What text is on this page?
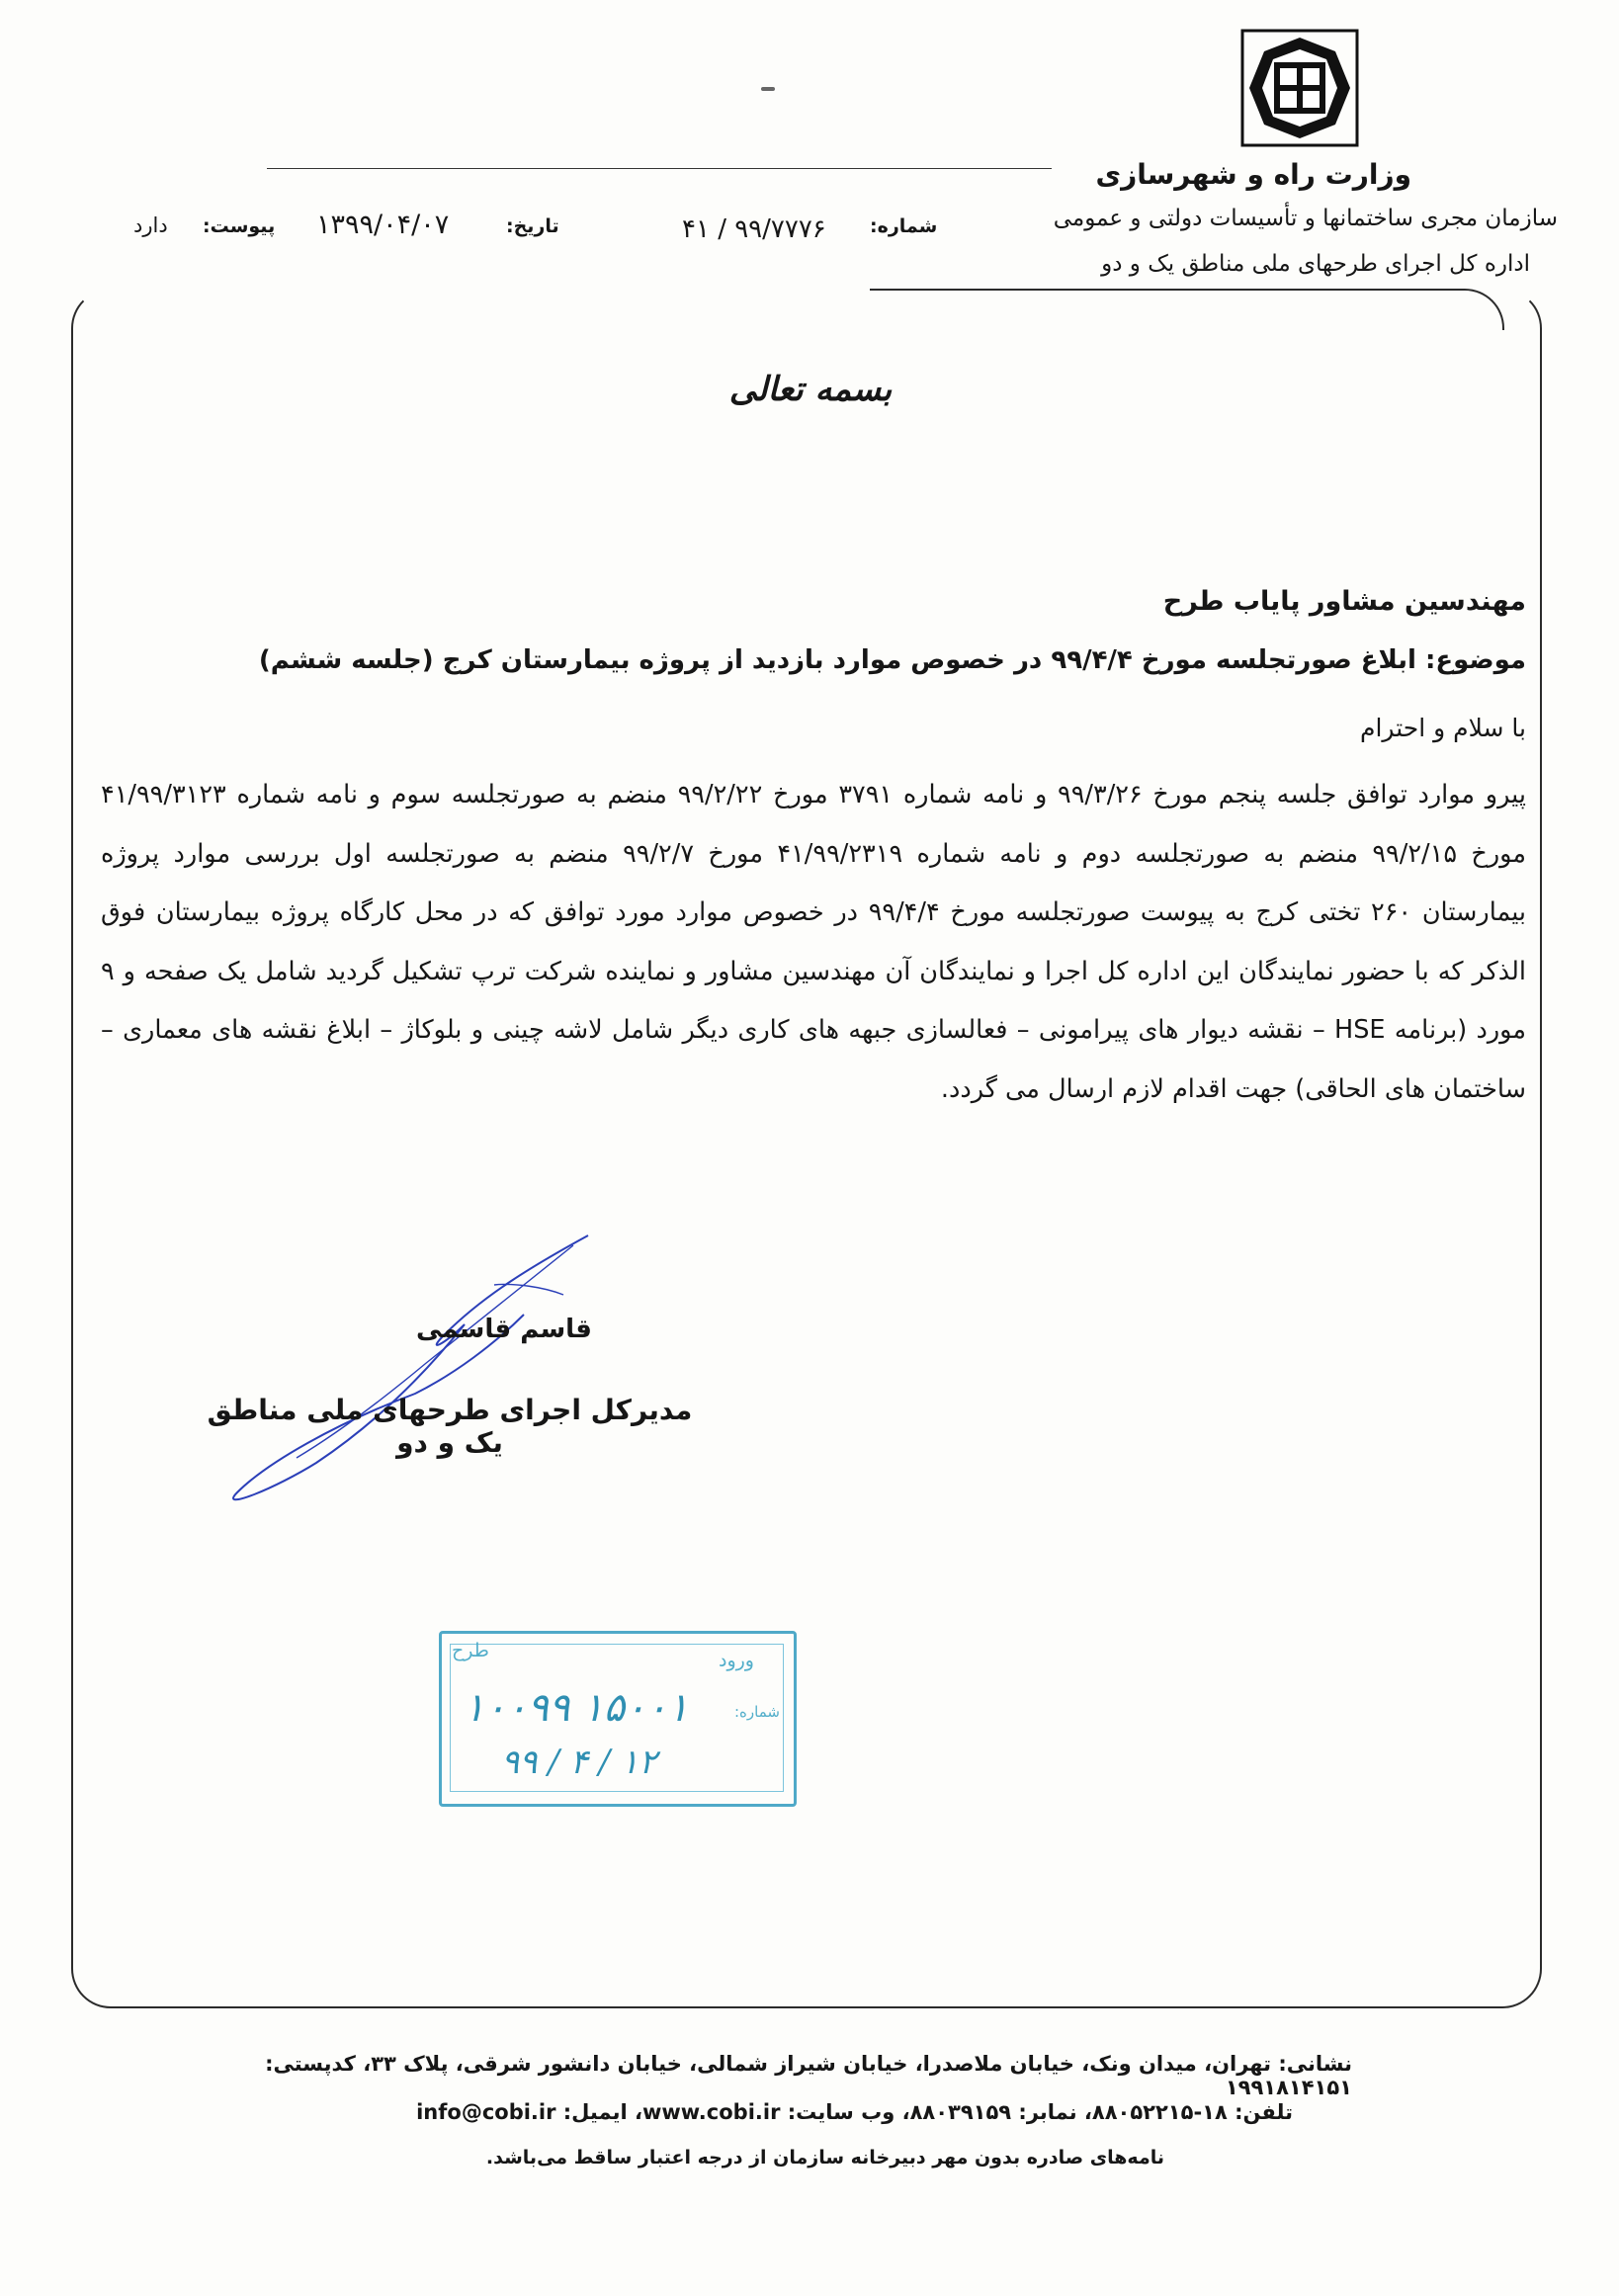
وزارت راه و شهرسازی
سازمان مجری ساختمانها و تأسیسات دولتی و عمومی
اداره کل اجرای طرحهای ملی مناطق یک و دو
شماره:
۴۱ / ۹۹/۷۷۷۶
تاریخ:
۱۳۹۹/۰۴/۰۷
پیوست:
دارد
بسمه تعالی
مهندسین مشاور پایاب طرح
موضوع: ابلاغ صورتجلسه مورخ ۹۹/۴/۴ در خصوص موارد بازدید از پروژه بیمارستان کرج (جلسه ششم)
با سلام و احترام
پیرو موارد توافق جلسه پنجم مورخ ۹۹/۳/۲۶ و نامه شماره ۳۷۹۱ مورخ ۹۹/۲/۲۲ منضم به صورتجلسه سوم و نامه شماره ۴۱/۹۹/۳۱۲۳ مورخ ۹۹/۲/۱۵ منضم به صورتجلسه دوم و نامه شماره ۴۱/۹۹/۲۳۱۹ مورخ ۹۹/۲/۷ منضم به صورتجلسه اول بررسی موارد پروژه بیمارستان ۲۶۰ تختی کرج به پیوست صورتجلسه مورخ ۹۹/۴/۴ در خصوص موارد مورد توافق که در محل کارگاه پروژه بیمارستان فوق الذکر که با حضور نمایندگان این اداره کل اجرا و نمایندگان آن مهندسین مشاور و نماینده شرکت ترپ تشکیل گردید شامل یک صفحه و ۹ مورد (برنامه HSE – نقشه دیوار های پیرامونی – فعالسازی جبهه های کاری دیگر شامل لاشه چینی و بلوکاژ – ابلاغ نقشه های معماری – ساختمان های الحاقی) جهت اقدام لازم ارسال می گردد.
قاسم قاسمی
مدیرکل اجرای طرحهای ملی مناطق یک و دو
ورود
طرح
شماره:
۱۰۰۹۹ ۱۵۰۰۱
۹۹ / ۴ / ۱۲
نشانی: تهران، میدان ونک، خیابان ملاصدرا، خیابان شیراز شمالی، خیابان دانشور شرقی، پلاک ۳۳، کدپستی: ۱۹۹۱۸۱۴۱۵۱
تلفن: ۱۸-۸۸۰۵۲۲۱۵، نمابر: ۸۸۰۳۹۱۵۹، وب سایت: www.cobi.ir، ایمیل: info@cobi.ir
نامه‌های صادره بدون مهر دبیرخانه سازمان از درجه اعتبار ساقط می‌باشد.
